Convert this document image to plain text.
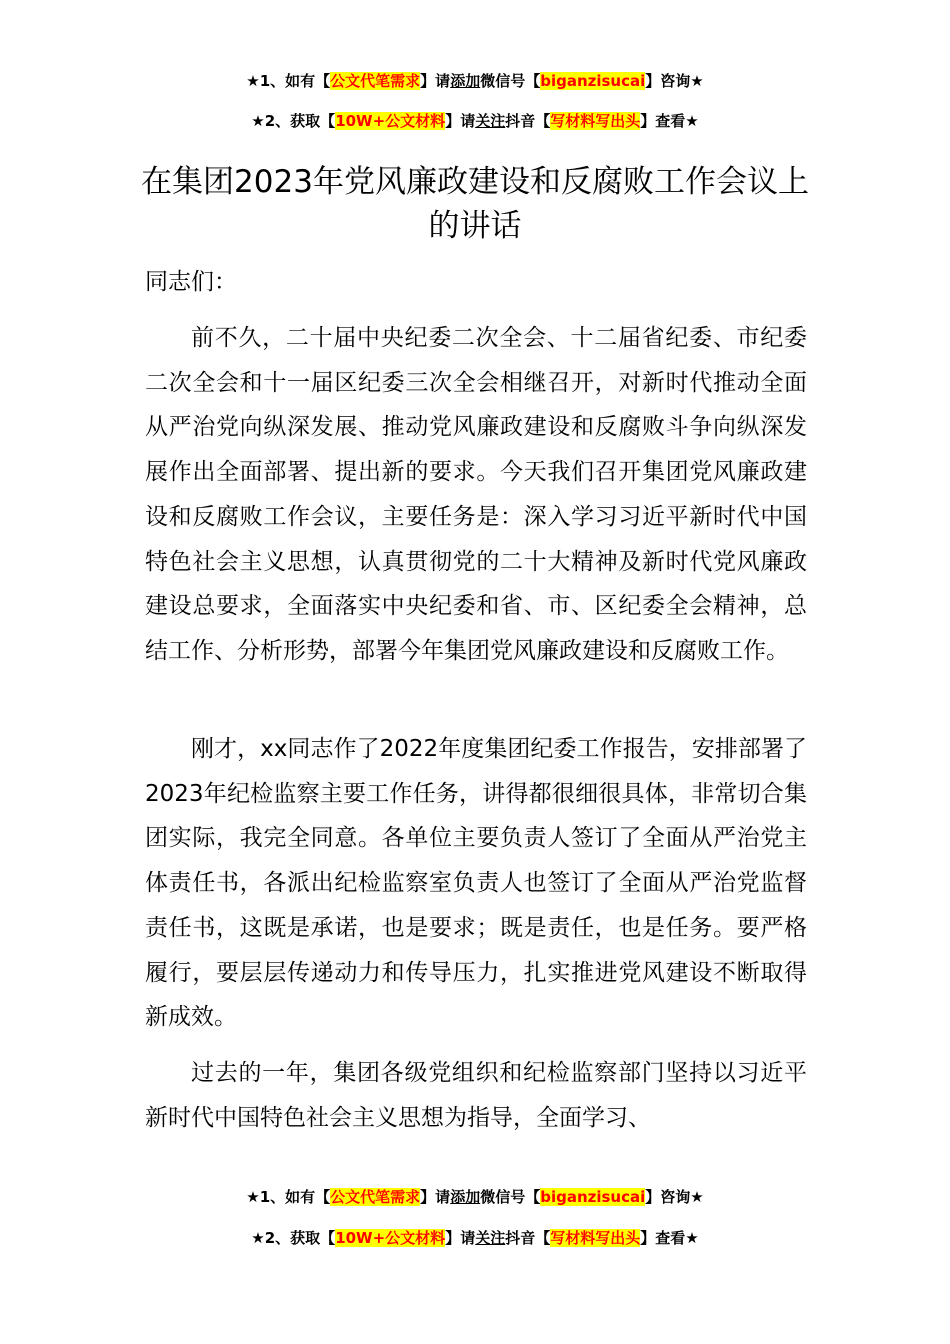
★1、如有【公文代笔需求】请添加微信号【biganzisucai】咨询★
★2、获取【10W+公文材料】请关注抖音【写材料写出头】查看★
在集团2023年党风廉政建设和反腐败工作会议上的讲话
同志们：

前不久，二十届中央纪委二次全会、十二届省纪委、市纪委二次全会和十一届区纪委三次全会相继召开，对新时代推动全面从严治党向纵深发展、推动党风廉政建设和反腐败斗争向纵深发展作出全面部署、提出新的要求。今天我们召开集团党风廉政建设和反腐败工作会议，主要任务是：深入学习习近平新时代中国特色社会主义思想，认真贯彻党的二十大精神及新时代党风廉政建设总要求，全面落实中央纪委和省、市、区纪委全会精神，总结工作、分析形势，部署今年集团党风廉政建设和反腐败工作。

刚才，xx同志作了2022年度集团纪委工作报告，安排部署了2023年纪检监察主要工作任务，讲得都很细很具体，非常切合集团实际，我完全同意。各单位主要负责人签订了全面从严治党主体责任书，各派出纪检监察室负责人也签订了全面从严治党监督责任书，这既是承诺，也是要求；既是责任，也是任务。要严格履行，要层层传递动力和传导压力，扎实推进党风建设不断取得新成效。

过去的一年，集团各级党组织和纪检监察部门坚持以习近平新时代中国特色社会主义思想为指导，全面学习、

★1、如有【公文代笔需求】请添加微信号【biganzisucai】咨询★
★2、获取【10W+公文材料】请关注抖音【写材料写出头】查看★
